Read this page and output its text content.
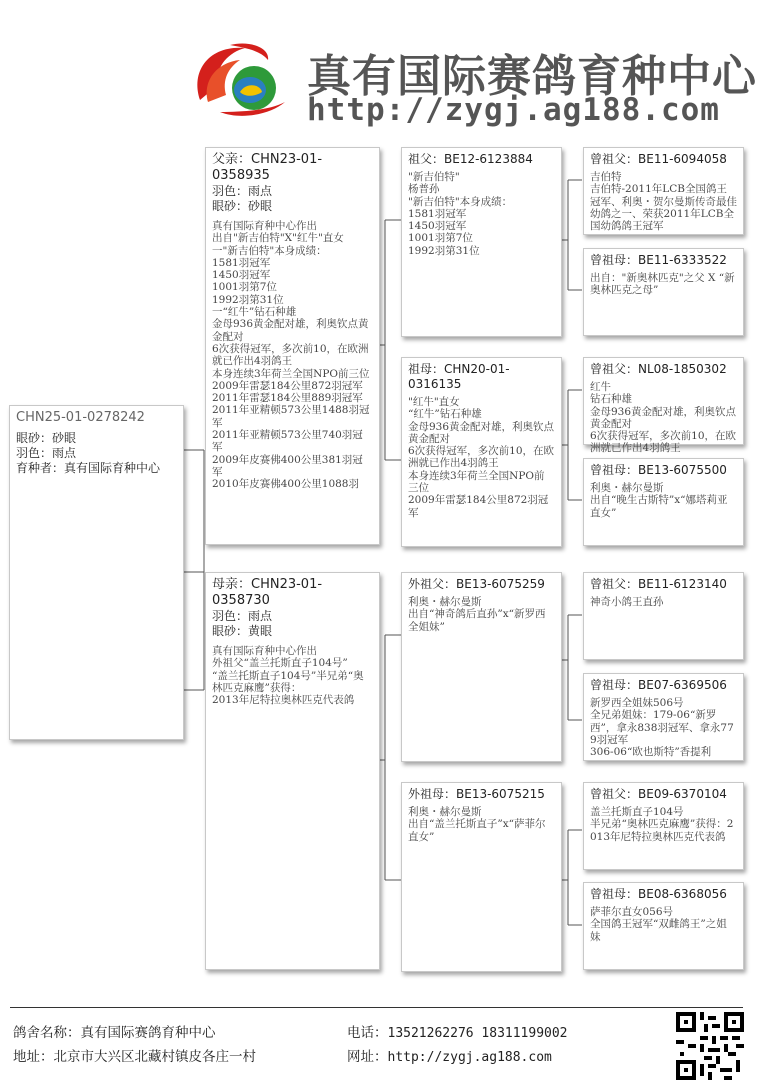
真有国际赛鸽育种中心
http://zygj.ag188.com
CHN25-01-0278242
眼砂：砂眼
羽色：雨点
育种者：真有国际育种中心
父亲：CHN23-01-0358935
羽色：雨点
眼砂：砂眼
真有国际育种中心作出
出自"新吉伯特"X"红牛"直女
一"新吉伯特"本身成绩：
1581羽冠军
1450羽冠军
1001羽第7位
1992羽第31位
一“红牛”钻石种雄
金母936黄金配对雄，利奥钦点黄金配对
6次获得冠军，多次前10，在欧洲就已作出4羽鸽王
本身连续3年荷兰全国NPO前三位
2009年雷瑟184公里872羽冠军
2011年雷瑟184公里889羽冠军
2011年亚精顿573公里1488羽冠军
2011年亚精顿573公里740羽冠军
2009年皮赛佛400公里381羽冠军
2010年皮赛佛400公里1088羽
母亲：CHN23-01-0358730
羽色：雨点
眼砂：黄眼
真有国际育种中心作出
外祖父“盖兰托斯直子104号”
“盖兰托斯直子104号”半兄弟“奥林匹克麻鹰”获得：
2013年尼特拉奥林匹克代表鸽
祖父：BE12-6123884
"新吉伯特"
杨普孙
"新吉伯特"本身成绩：
1581羽冠军
1450羽冠军
1001羽第7位
1992羽第31位
祖母：CHN20-01-0316135
"红牛"直女
“红牛”钻石种雄
金母936黄金配对雄，利奥钦点黄金配对
6次获得冠军，多次前10，在欧洲就已作出4羽鸽王
本身连续3年荷兰全国NPO前三位
2009年雷瑟184公里872羽冠军
外祖父：BE13-6075259
利奥・赫尔曼斯
出自“神奇鸽后直孙”x“新罗西全姐妹”
外祖母：BE13-6075215
利奥・赫尔曼斯
出自“盖兰托斯直子”x“萨菲尔直女”
曾祖父：BE11-6094058
吉伯特
吉伯特-2011年LCB全国鸽王冠军、利奥・贺尔曼斯传奇最佳幼鸽之一、荣获2011年LCB全国幼鸽鸽王冠军
曾祖母：BE11-6333522
出自："新奥林匹克"之父 X “新奥林匹克之母”
曾祖父：NL08-1850302
红牛
钻石种雄
金母936黄金配对雄，利奥钦点黄金配对
6次获得冠军，多次前10，在欧洲就已作出4羽鸽王
曾祖母：BE13-6075500
利奥・赫尔曼斯
出自“晚生古斯特”x“娜塔莉亚直女”
曾祖父：BE11-6123140
神奇小鸽王直孙
曾祖母：BE07-6369506
新罗西全姐妹506号
全兄弟姐妹：179-06“新罗西”，拿永838羽冠军、拿永779羽冠军
306-06“欧也斯特”香提利
曾祖父：BE09-6370104
盖兰托斯直子104号
半兄弟“奥林匹克麻鹰”获得：2013年尼特拉奥林匹克代表鸽
曾祖母：BE08-6368056
萨菲尔直女056号
全国鸽王冠军“双雌鸽王”之姐妹
鸽舍名称：真有国际赛鸽育种中心
地址：北京市大兴区北藏村镇皮各庄一村
电话：13521262276 18311199002
网址：http://zygj.ag188.com
